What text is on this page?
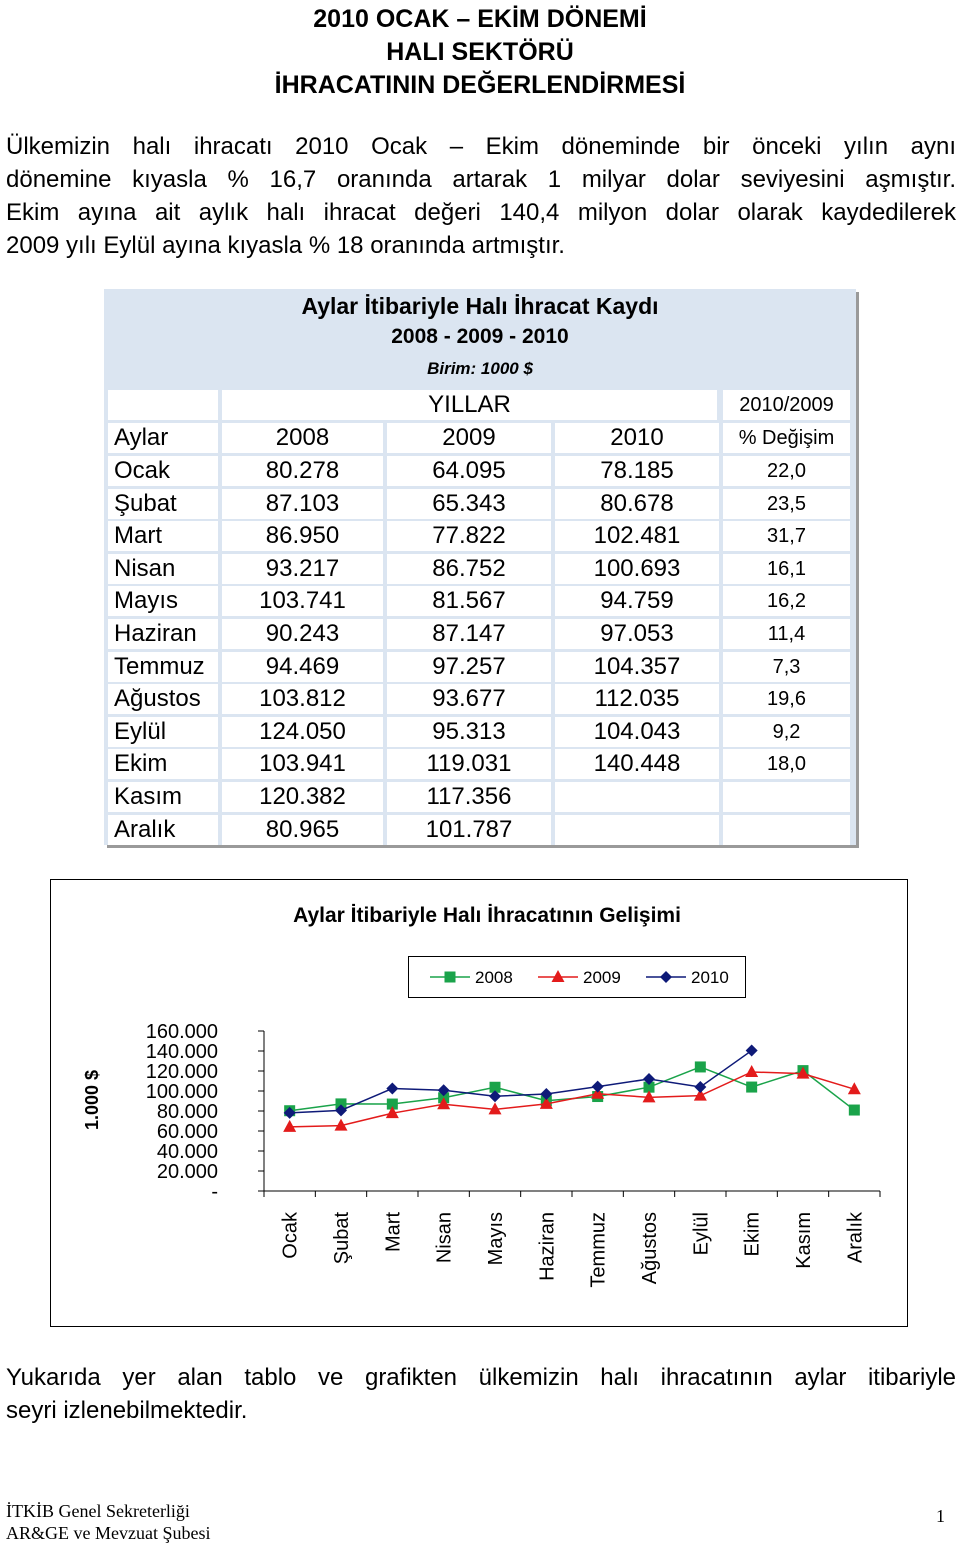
2010 OCAK – EKİM DÖNEMİ
HALI SEKTÖRÜ
İHRACATININ DEĞERLENDİRMESİ
Ülkemizin halı ihracatı 2010 Ocak – Ekim döneminde bir önceki yılın aynı
dönemine kıyasla % 16,7 oranında artarak 1 milyar dolar seviyesini aşmıştır.
Ekim ayına ait aylık halı ihracat değeri 140,4 milyon dolar olarak kaydedilerek
2009 yılı Eylül ayına kıyasla % 18 oranında artmıştır.
Aylar İtibariyle Halı İhracat Kaydı
2008 - 2009 - 2010
Birim: 1000 $
YILLAR	2010/2009
Aylar	2008	2009	2010	% Değişim
Ocak	80.278	64.095	78.185	22,0
Şubat	87.103	65.343	80.678	23,5
Mart	86.950	77.822	102.481	31,7
Nisan	93.217	86.752	100.693	16,1
Mayıs	103.741	81.567	94.759	16,2
Haziran	90.243	87.147	97.053	11,4
Temmuz	94.469	97.257	104.357	7,3
Ağustos	103.812	93.677	112.035	19,6
Eylül	124.050	95.313	104.043	9,2
Ekim	103.941	119.031	140.448	18,0
Kasım	120.382	117.356
Aralık	80.965	101.787
Aylar İtibariyle Halı İhracatının Gelişimi
1.000 $
160.000
140.000
120.000
100.000
80.000
60.000
40.000
20.000
-
Ocak Şubat Mart Nisan Mayıs Haziran Temmuz Ağustos Eylül Ekim Kasım Aralık
2008	2009	2010
Yukarıda yer alan tablo ve grafikten ülkemizin halı ihracatının aylar itibariyle
seyri izlenebilmektedir.
İTKİB Genel Sekreterliği
AR&GE ve Mevzuat Şubesi
1
